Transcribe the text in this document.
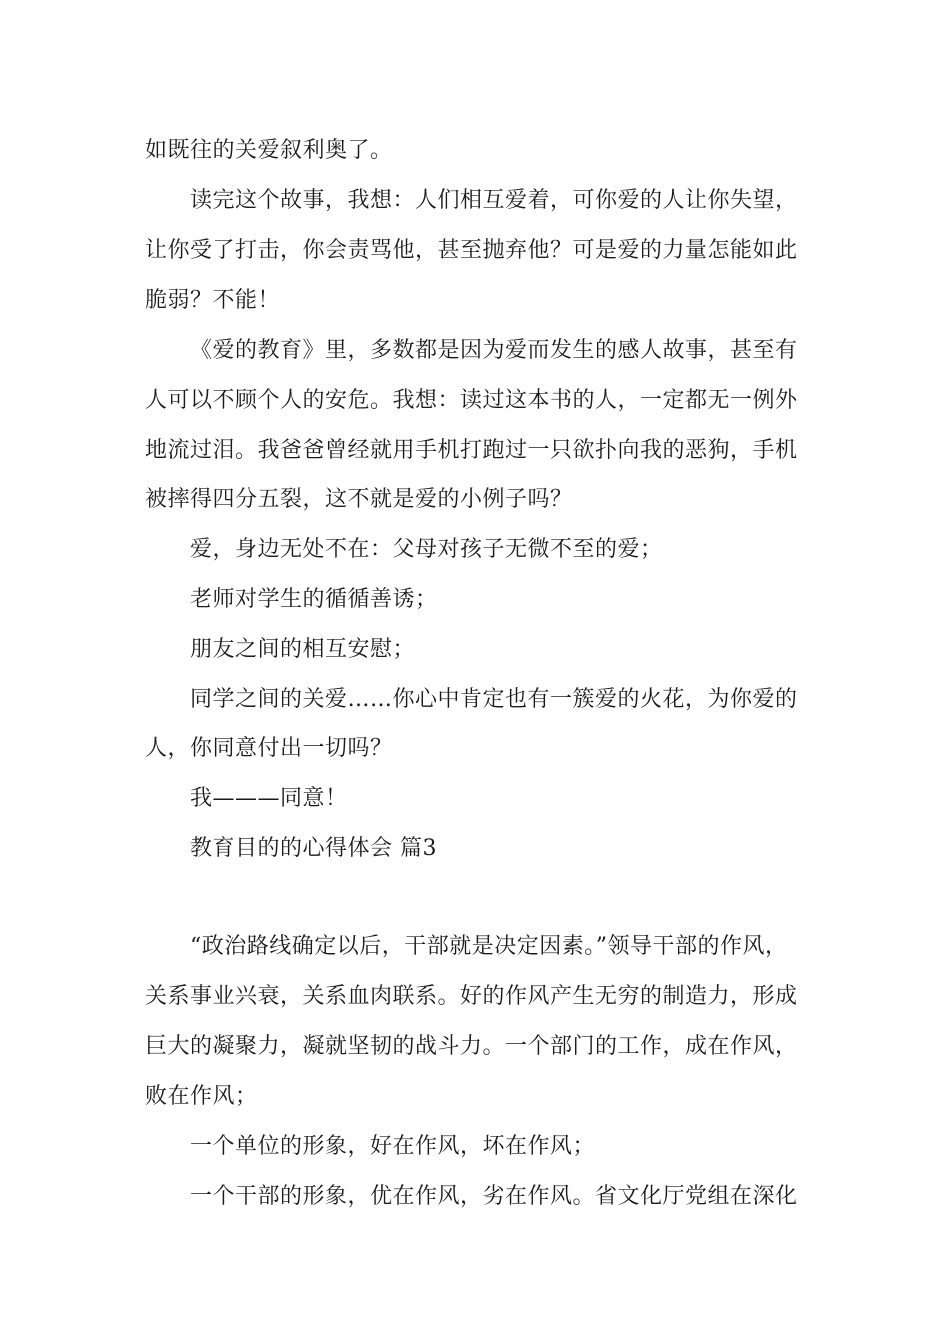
如既往的关爱叙利奥了。
读完这个故事，我想：人们相互爱着，可你爱的人让你失望，
让你受了打击，你会责骂他，甚至抛弃他？可是爱的力量怎能如此
脆弱？不能！
《爱的教育》里，多数都是因为爱而发生的感人故事，甚至有
人可以不顾个人的安危。我想：读过这本书的人，一定都无一例外
地流过泪。我爸爸曾经就用手机打跑过一只欲扑向我的恶狗，手机
被摔得四分五裂，这不就是爱的小例子吗？
爱，身边无处不在：父母对孩子无微不至的爱；
老师对学生的循循善诱；
朋友之间的相互安慰；
同学之间的关爱……你心中肯定也有一簇爱的火花，为你爱的
人，你同意付出一切吗？
我———同意！
教育目的的心得体会 篇3
“政治路线确定以后，干部就是决定因素。”领导干部的作风，
关系事业兴衰，关系血肉联系。好的作风产生无穷的制造力，形成
巨大的凝聚力，凝就坚韧的战斗力。一个部门的工作，成在作风，
败在作风；
一个单位的形象，好在作风，坏在作风；
一个干部的形象，优在作风，劣在作风。省文化厅党组在深化
